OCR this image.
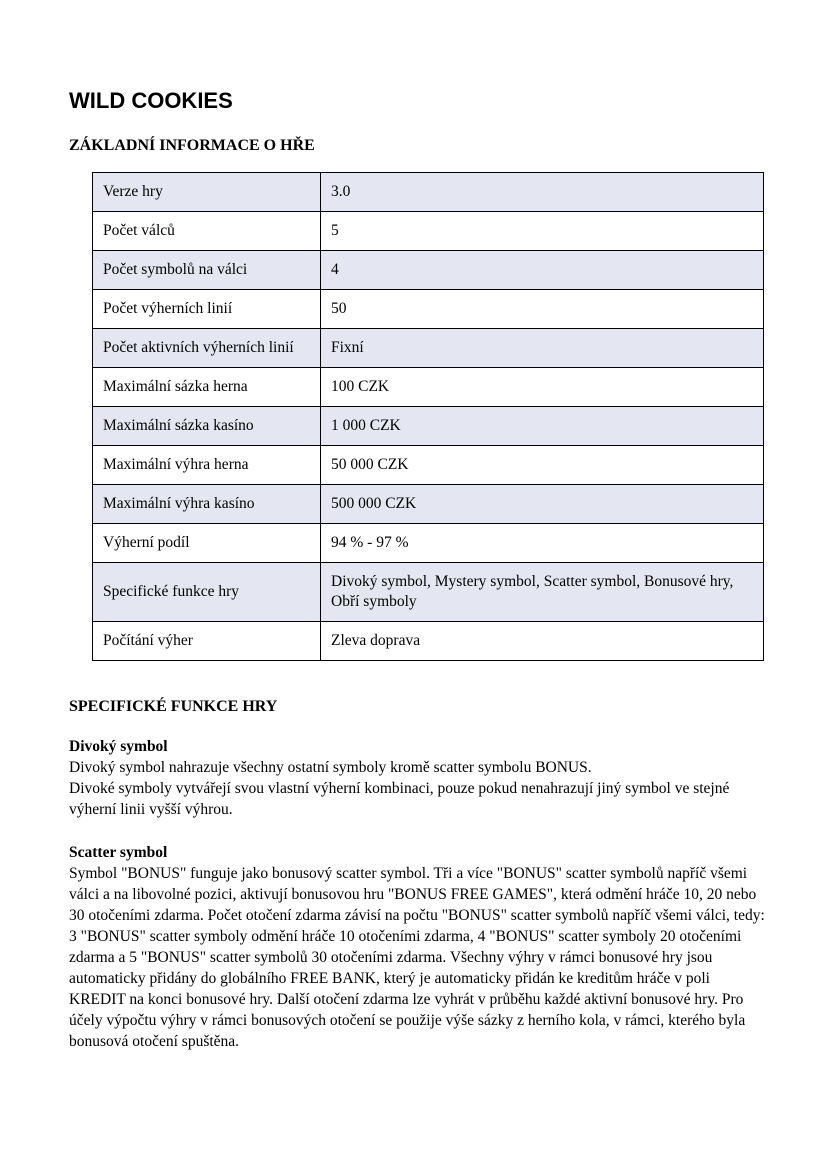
WILD COOKIES
ZÁKLADNÍ INFORMACE O HŘE
Verze hry	3.0
Počet válců	5
Počet symbolů na válci	4
Počet výherních linií	50
Počet aktivních výherních linií	Fixní
Maximální sázka herna	100 CZK
Maximální sázka kasíno	1 000 CZK
Maximální výhra herna	50 000 CZK
Maximální výhra kasíno	500 000 CZK
Výherní podíl	94 % - 97 %
Specifické funkce hry	Divoký symbol, Mystery symbol, Scatter symbol, Bonusové hry, Obří symboly
Počítání výher	Zleva doprava
SPECIFICKÉ FUNKCE HRY
Divoký symbol

Divoký symbol nahrazuje všechny ostatní symboly kromě scatter symbolu BONUS.

Divoké symboly vytvářejí svou vlastní výherní kombinaci, pouze pokud nenahrazují jiný symbol ve stejné výherní linii vyšší výhrou.

Scatter symbol

Symbol "BONUS" funguje jako bonusový scatter symbol. Tři a více "BONUS" scatter symbolů napříč všemi válci a na libovolné pozici, aktivují bonusovou hru "BONUS FREE GAMES", která odmění hráče 10, 20 nebo 30 otočeními zdarma. Počet otočení zdarma závisí na počtu "BONUS" scatter symbolů napříč všemi válci, tedy: 3 "BONUS" scatter symboly odmění hráče 10 otočeními zdarma, 4 "BONUS" scatter symboly 20 otočeními zdarma a 5 "BONUS" scatter symbolů 30 otočeními zdarma. Všechny výhry v rámci bonusové hry jsou automaticky přidány do globálního FREE BANK, který je automaticky přidán ke kreditům hráče v poli KREDIT na konci bonusové hry. Další otočení zdarma lze vyhrát v průběhu každé aktivní bonusové hry. Pro účely výpočtu výhry v rámci bonusových otočení se použije výše sázky z herního kola, v rámci, kterého byla bonusová otočení spuštěna.
